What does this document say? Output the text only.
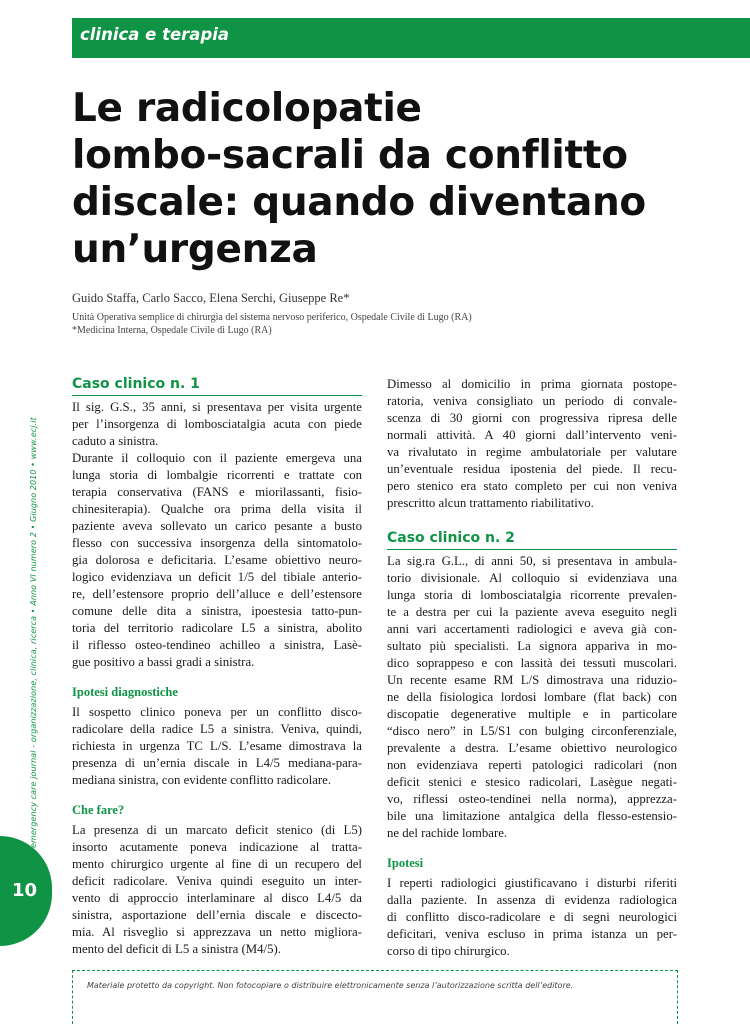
clinica e terapia
Le radicolopatie
lombo-sacrali da conflitto
discale: quando diventano
un’urgenza
Guido Staffa, Carlo Sacco, Elena Serchi, Giuseppe Re*
Unità Operativa semplice di chirurgia del sistema nervoso periferico, Ospedale Civile di Lugo (RA)
*Medicina Interna, Ospedale Civile di Lugo (RA)
emergency care journal - organizzazione, clinica, ricerca • Anno VI numero 2 • Giugno 2010 • www.ecj.it
10
Caso clinico n. 1
Il sig. G.S., 35 anni, si presentava per visita urgente
per l’insorgenza di lombosciatalgia acuta con piede
caduto a sinistra.
Durante il colloquio con il paziente emergeva una
lunga storia di lombalgie ricorrenti e trattate con
terapia conservativa (FANS e miorilassanti, fisio-
chinesiterapia). Qualche ora prima della visita il
paziente aveva sollevato un carico pesante a busto
flesso con successiva insorgenza della sintomatolo-
gia dolorosa e deficitaria. L’esame obiettivo neuro-
logico evidenziava un deficit 1/5 del tibiale anterio-
re, dell’estensore proprio dell’alluce e dell’estensore
comune delle dita a sinistra, ipoestesia tatto-pun-
toria del territorio radicolare L5 a sinistra, abolito
il riflesso osteo-tendineo achilleo a sinistra, Lasè-
gue positivo a bassi gradi a sinistra.
Ipotesi diagnostiche
Il sospetto clinico poneva per un conflitto disco-
radicolare della radice L5 a sinistra. Veniva, quindi,
richiesta in urgenza TC L/S. L’esame dimostrava la
presenza di un’ernia discale in L4/5 mediana-para-
mediana sinistra, con evidente conflitto radicolare.
Che fare?
La presenza di un marcato deficit stenico (di L5)
insorto acutamente poneva indicazione al tratta-
mento chirurgico urgente al fine di un recupero del
deficit radicolare. Veniva quindi eseguito un inter-
vento di approccio interlaminare al disco L4/5 da
sinistra, asportazione dell’ernia discale e discecto-
mia. Al risveglio si apprezzava un netto migliora-
mento del deficit di L5 a sinistra (M4/5).
Dimesso al domicilio in prima giornata postope-
ratoria, veniva consigliato un periodo di convale-
scenza di 30 giorni con progressiva ripresa delle
normali attività. A 40 giorni dall’intervento veni-
va rivalutato in regime ambulatoriale per valutare
un’eventuale residua ipostenia del piede. Il recu-
pero stenico era stato completo per cui non veniva
prescritto alcun trattamento riabilitativo.
Caso clinico n. 2
La sig.ra G.L., di anni 50, si presentava in ambula-
torio divisionale. Al colloquio si evidenziava una
lunga storia di lombosciatalgia ricorrente prevalen-
te a destra per cui la paziente aveva eseguito negli
anni vari accertamenti radiologici e aveva già con-
sultato più specialisti. La signora appariva in mo-
dico soprappeso e con lassità dei tessuti muscolari.
Un recente esame RM L/S dimostrava una riduzio-
ne della fisiologica lordosi lombare (flat back) con
discopatie degenerative multiple e in particolare
“disco nero” in L5/S1 con bulging circonferenziale,
prevalente a destra. L’esame obiettivo neurologico
non evidenziava reperti patologici radicolari (non
deficit stenici e stesico radicolari, Lasègue negati-
vo, riflessi osteo-tendinei nella norma), apprezza-
bile una limitazione antalgica della flesso-estensio-
ne del rachide lombare.
Ipotesi
I reperti radiologici giustificavano i disturbi riferiti
dalla paziente. In assenza di evidenza radiologica
di conflitto disco-radicolare e di segni neurologici
deficitari, veniva escluso in prima istanza un per-
corso di tipo chirurgico.
Materiale protetto da copyright. Non fotocopiare o distribuire elettronicamente senza l’autorizzazione scritta dell’editore.
